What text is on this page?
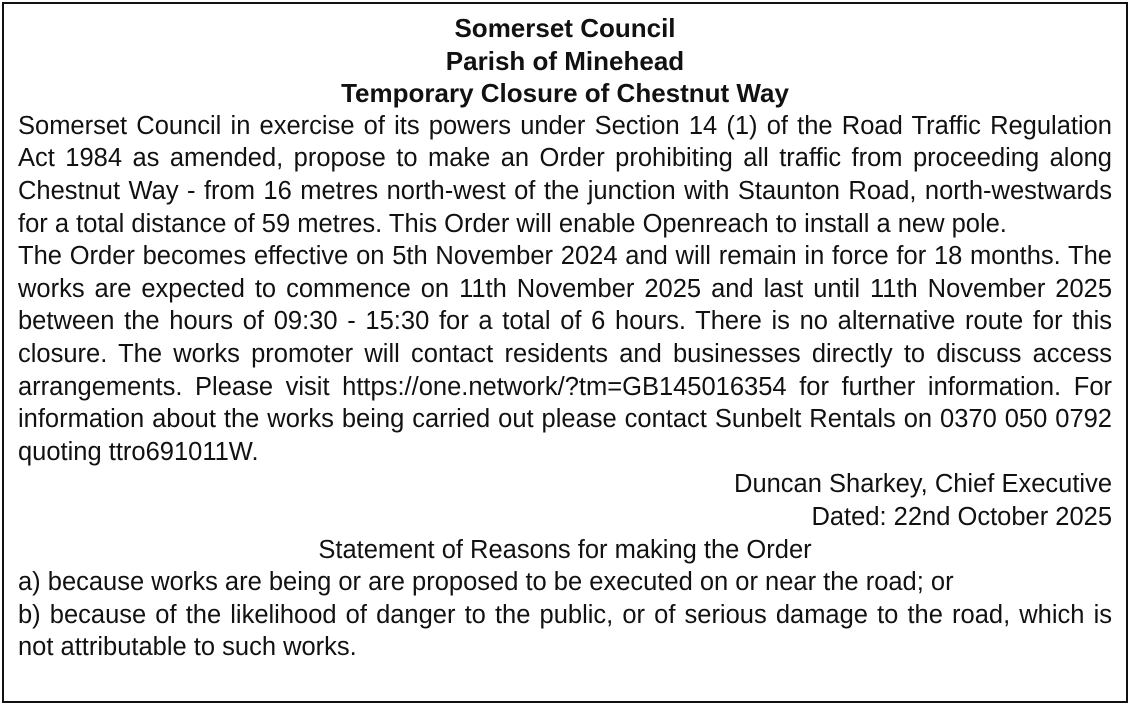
Somerset Council
Parish of Minehead
Temporary Closure of Chestnut Way
Somerset Council in exercise of its powers under Section 14 (1) of the Road Traffic Regulation Act 1984 as amended, propose to make an Order prohibiting all traffic from proceeding along Chestnut Way - from 16 metres north-west of the junction with Staunton Road, north-westwards for a total distance of 59 metres. This Order will enable Openreach to install a new pole.
The Order becomes effective on 5th November 2024 and will remain in force for 18 months. The works are expected to commence on 11th November 2025 and last until 11th November 2025 between the hours of 09:30 - 15:30 for a total of 6 hours. There is no alternative route for this closure. The works promoter will contact residents and businesses directly to discuss access arrangements. Please visit https://one.network/?tm=GB145016354 for further information. For information about the works being carried out please contact Sunbelt Rentals on 0370 050 0792 quoting ttro691011W.
Duncan Sharkey, Chief Executive
Dated: 22nd October 2025
Statement of Reasons for making the Order
a) because works are being or are proposed to be executed on or near the road; or
b) because of the likelihood of danger to the public, or of serious damage to the road, which is not attributable to such works.
